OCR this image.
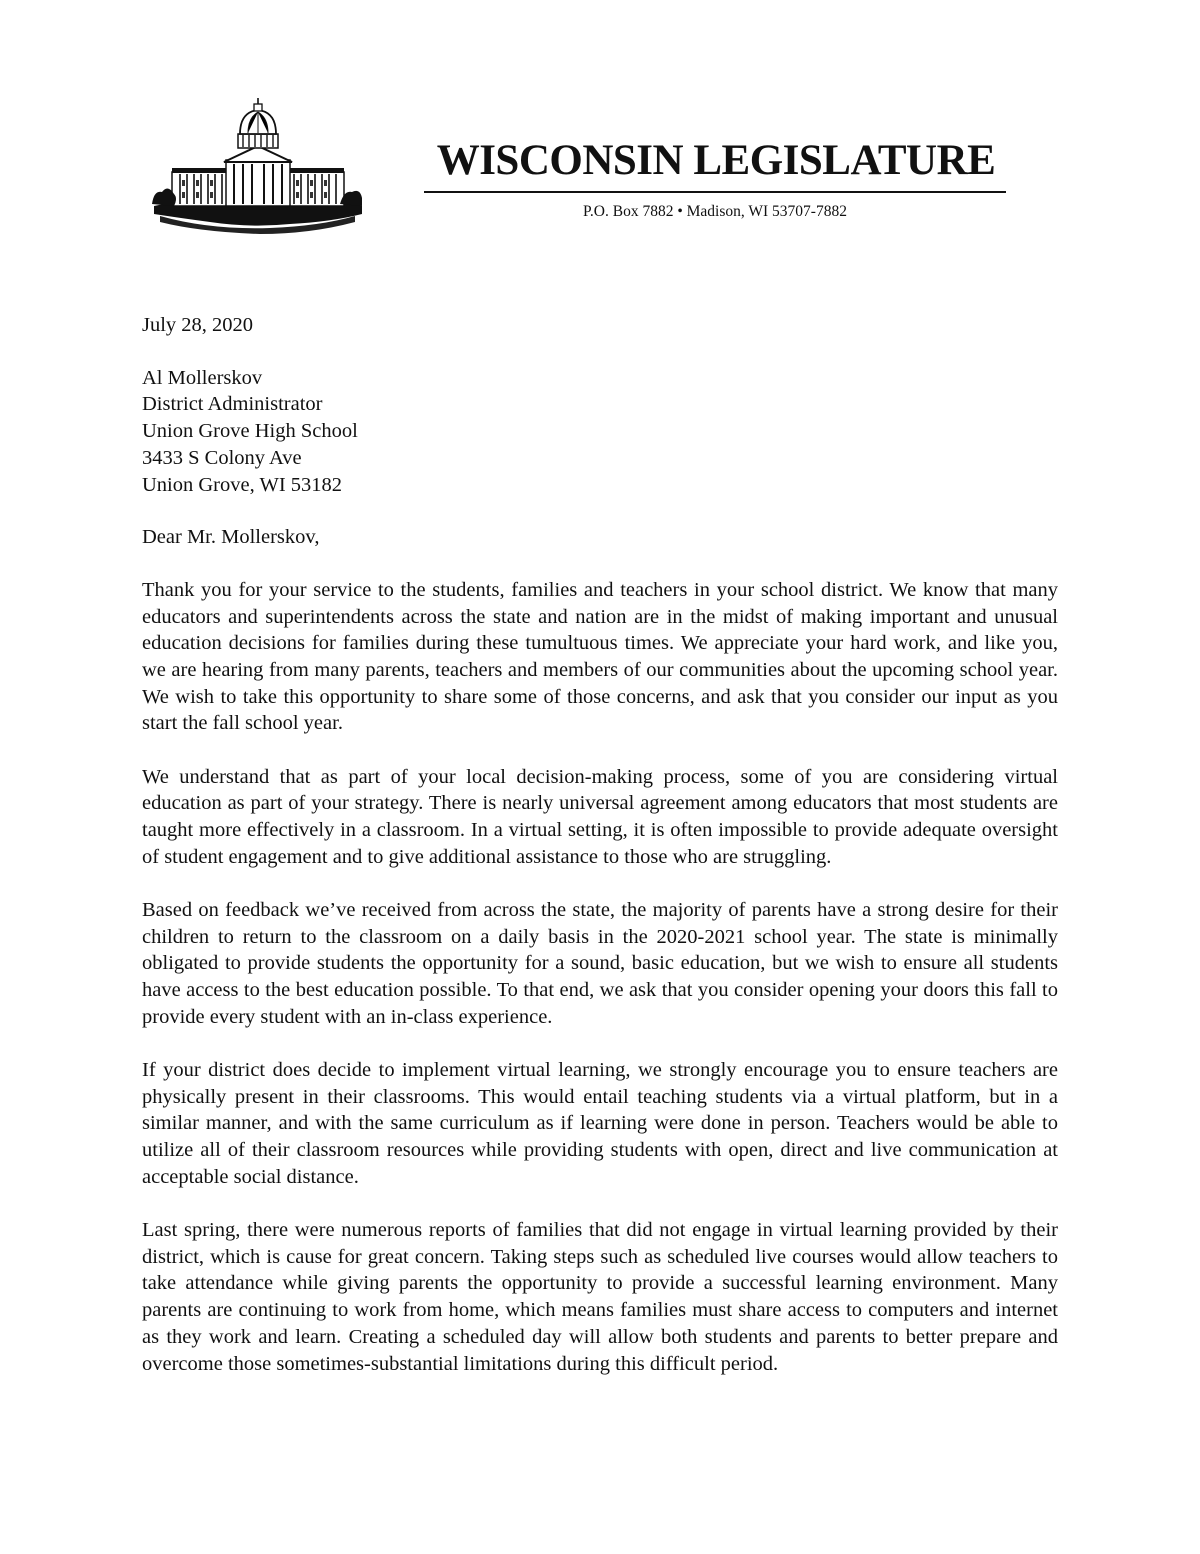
WISCONSIN LEGISLATURE
P.O. Box 7882 • Madison, WI 53707-7882
July 28, 2020
Al Mollerskov
District Administrator
Union Grove High School
3433 S Colony Ave
Union Grove, WI 53182
Dear Mr. Mollerskov,

Thank you for your service to the students, families and teachers in your school district. We know that many educators and superintendents across the state and nation are in the midst of making important and unusual education decisions for families during these tumultuous times. We appreciate your hard work, and like you, we are hearing from many parents, teachers and members of our communities about the upcoming school year. We wish to take this opportunity to share some of those concerns, and ask that you consider our input as you start the fall school year.

We understand that as part of your local decision-making process, some of you are considering virtual education as part of your strategy. There is nearly universal agreement among educators that most students are taught more effectively in a classroom. In a virtual setting, it is often impossible to provide adequate oversight of student engagement and to give additional assistance to those who are struggling.

Based on feedback we’ve received from across the state, the majority of parents have a strong desire for their children to return to the classroom on a daily basis in the 2020-2021 school year. The state is minimally obligated to provide students the opportunity for a sound, basic education, but we wish to ensure all students have access to the best education possible. To that end, we ask that you consider opening your doors this fall to provide every student with an in-class experience.

If your district does decide to implement virtual learning, we strongly encourage you to ensure teachers are physically present in their classrooms. This would entail teaching students via a virtual platform, but in a similar manner, and with the same curriculum as if learning were done in person. Teachers would be able to utilize all of their classroom resources while providing students with open, direct and live communication at acceptable social distance.

Last spring, there were numerous reports of families that did not engage in virtual learning provided by their district, which is cause for great concern. Taking steps such as scheduled live courses would allow teachers to take attendance while giving parents the opportunity to provide a successful learning environment. Many parents are continuing to work from home, which means families must share access to computers and internet as they work and learn. Creating a scheduled day will allow both students and parents to better prepare and overcome those sometimes-substantial limitations during this difficult period.
